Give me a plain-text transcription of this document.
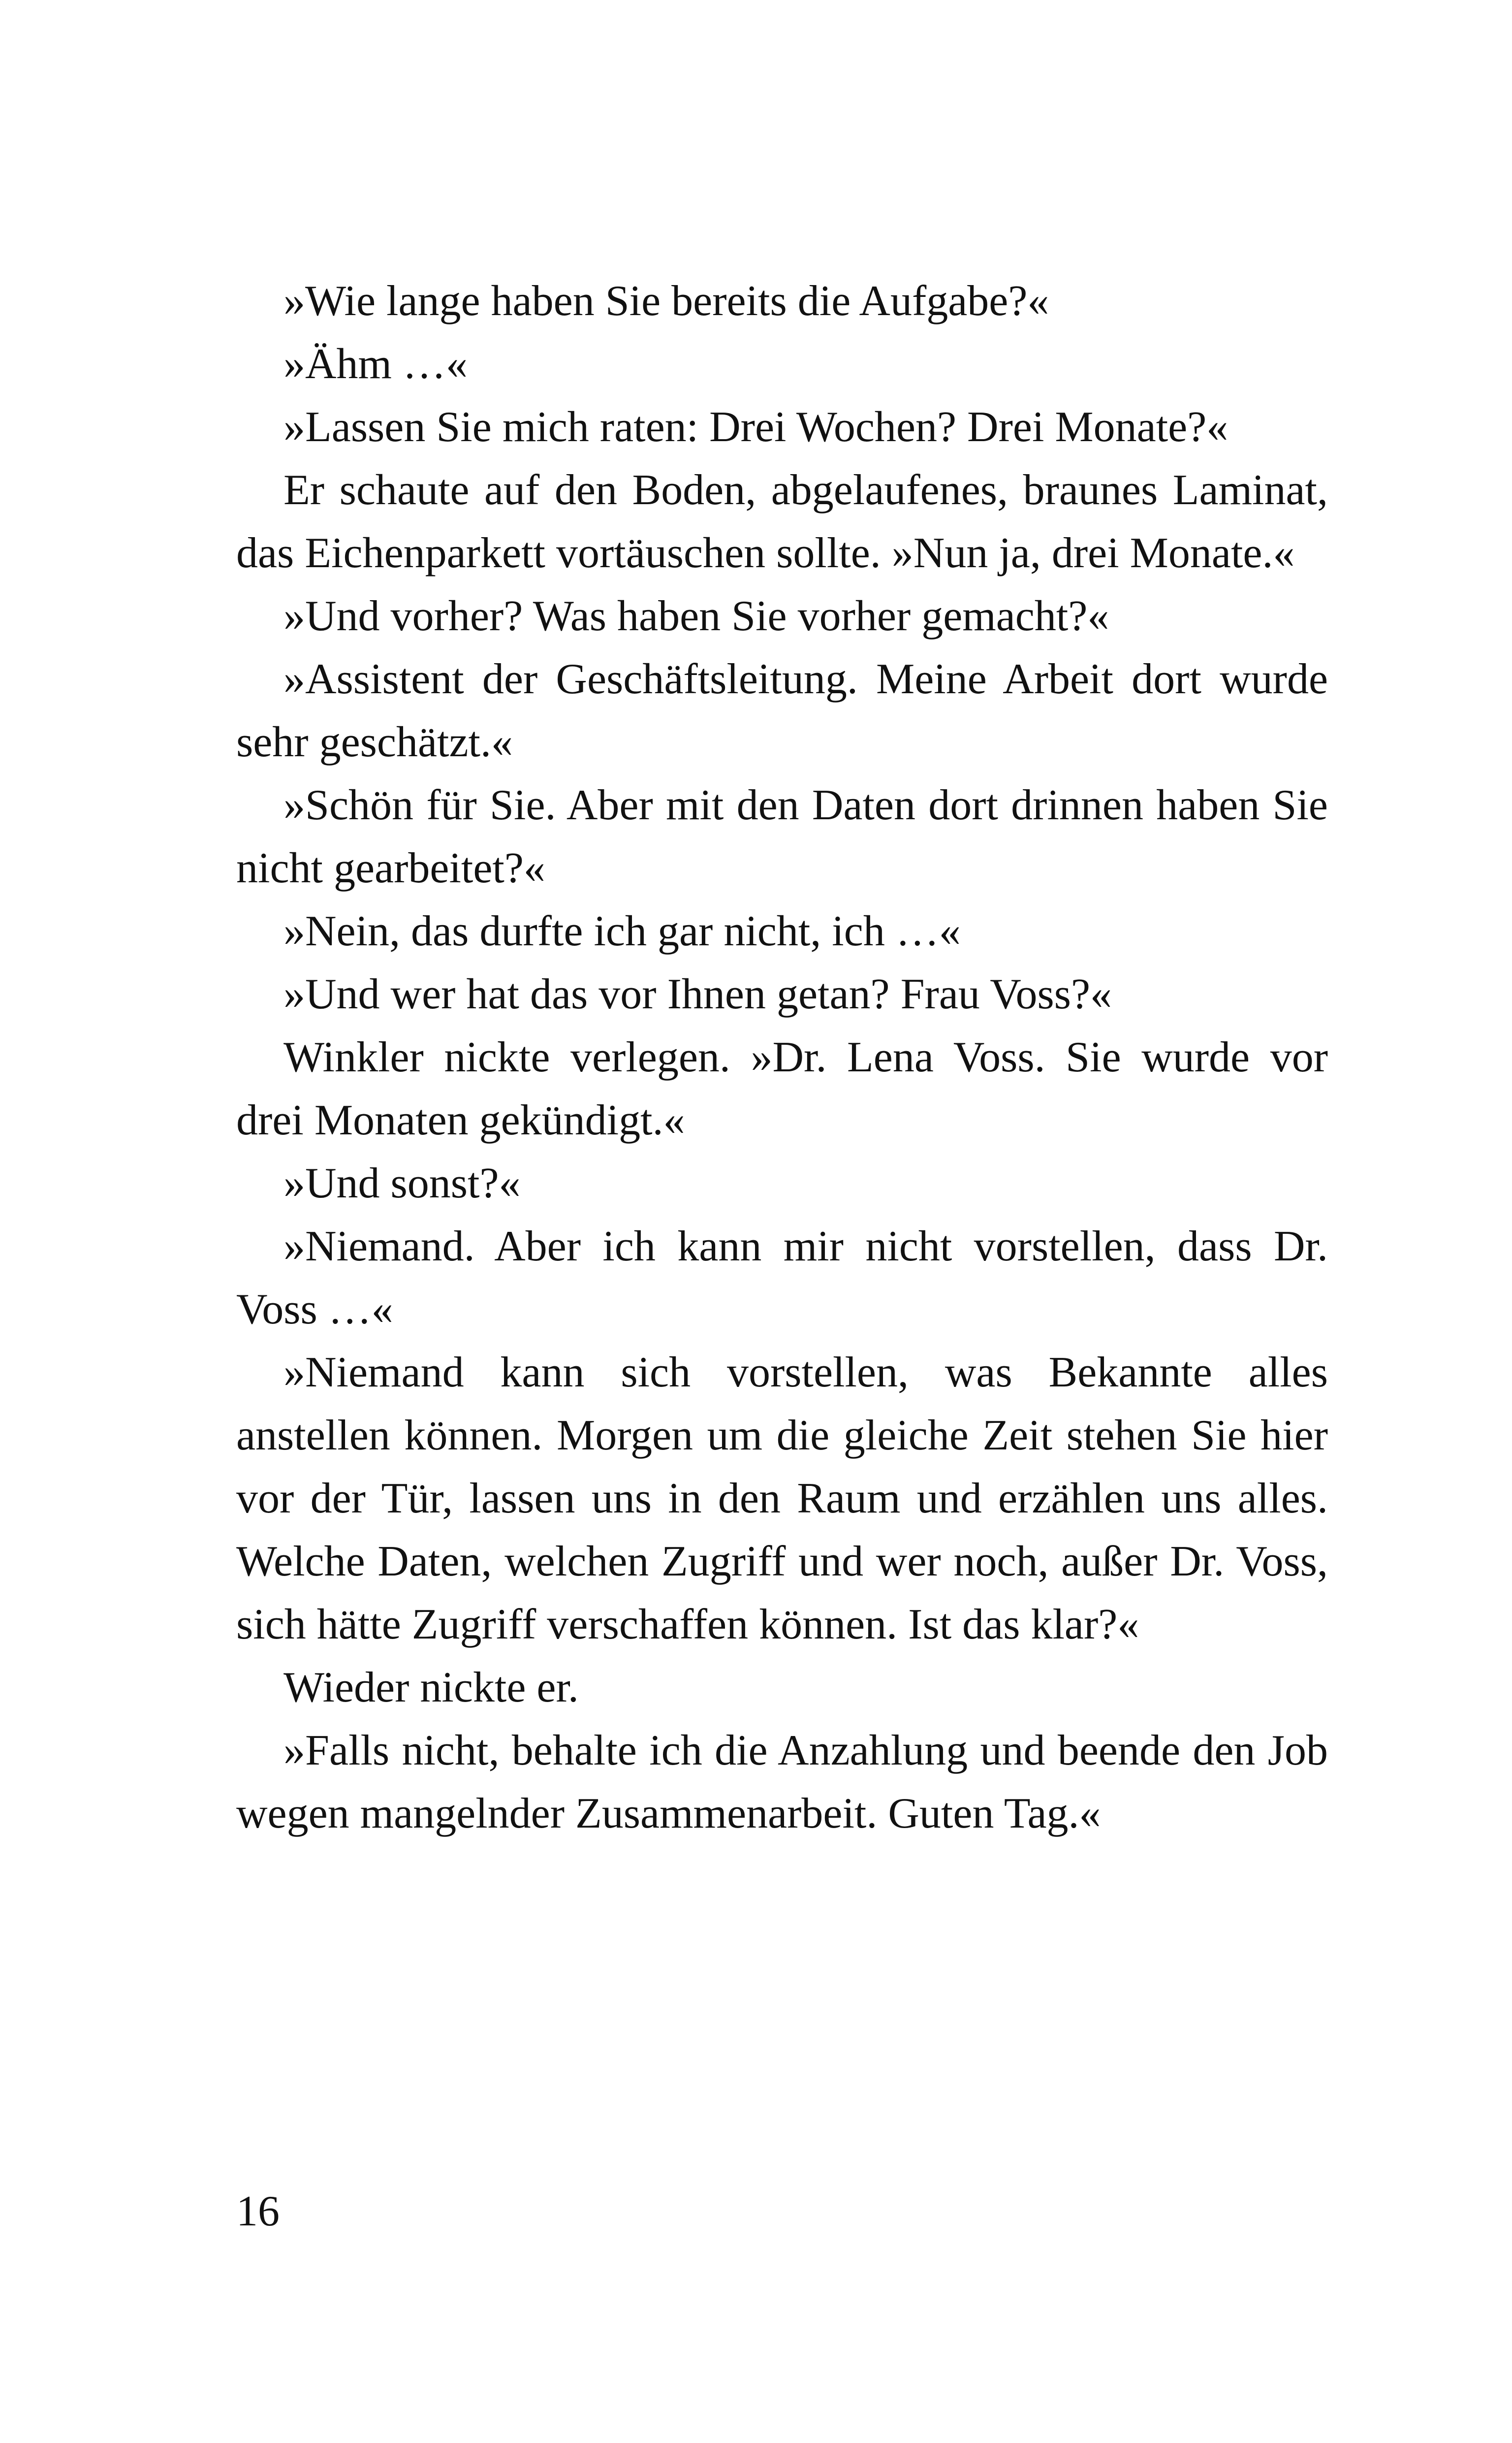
»Wie lange haben Sie bereits die Aufgabe?«

»Ähm …«

»Lassen Sie mich raten: Drei Wochen? Drei Monate?«

Er schaute auf den Boden, abgelaufenes, braunes Laminat, das Eichenparkett vortäuschen sollte. »Nun ja, drei Monate.«

»Und vorher? Was haben Sie vorher gemacht?«

»Assistent der Geschäftsleitung. Meine Arbeit dort wurde sehr geschätzt.«

»Schön für Sie. Aber mit den Daten dort drinnen haben Sie nicht gearbeitet?«

»Nein, das durfte ich gar nicht, ich …«

»Und wer hat das vor Ihnen getan? Frau Voss?«

Winkler nickte verlegen. »Dr. Lena Voss. Sie wurde vor drei Monaten gekündigt.«

»Und sonst?«

»Niemand. Aber ich kann mir nicht vorstellen, dass Dr. Voss …«

»Niemand kann sich vorstellen, was Bekannte alles anstellen können. Morgen um die gleiche Zeit stehen Sie hier vor der Tür, lassen uns in den Raum und erzählen uns alles. Welche Daten, welchen Zugriff und wer noch, außer Dr. Voss, sich hätte Zugriff verschaffen können. Ist das klar?«

Wieder nickte er.

»Falls nicht, behalte ich die Anzahlung und beende den Job wegen mangelnder Zusammenarbeit. Guten Tag.«

16
